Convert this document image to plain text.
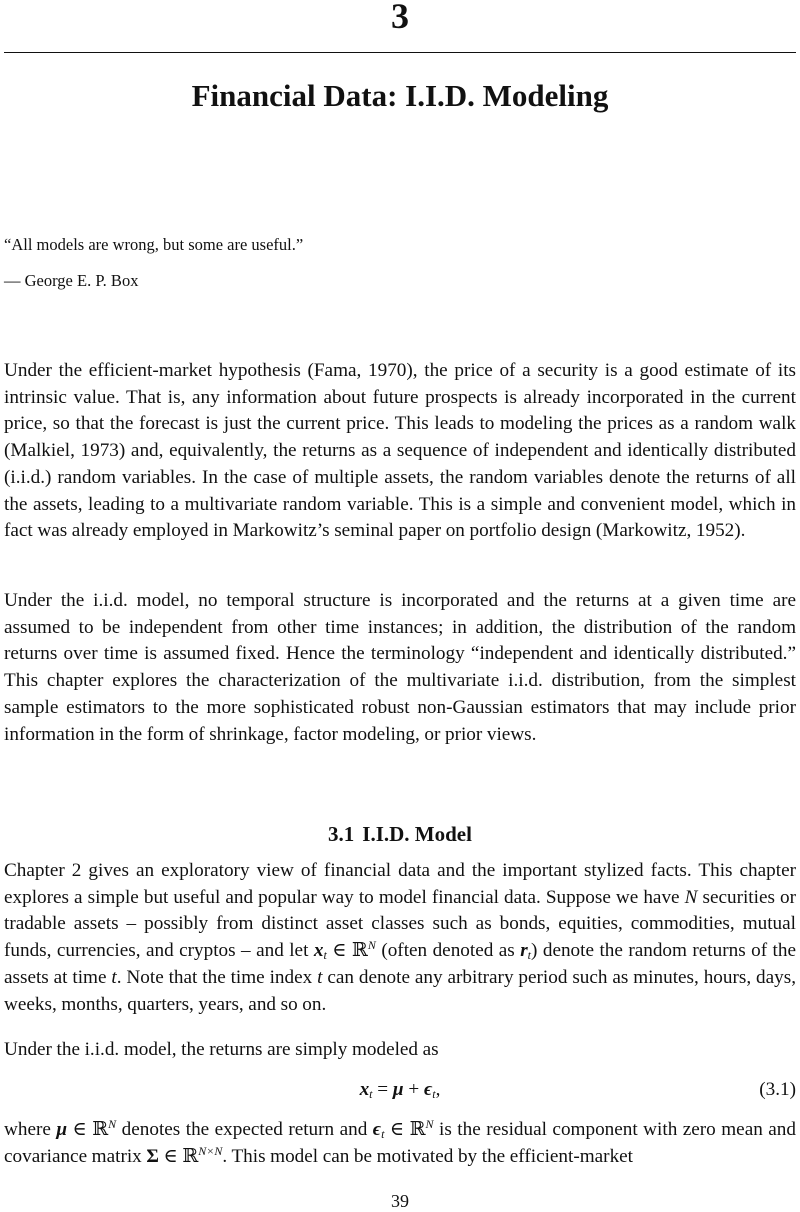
3
Financial Data: I.I.D. Modeling
“All models are wrong, but some are useful.”
— George E. P. Box

Under the efficient-market hypothesis (Fama, 1970), the price of a security is a good estimate of its intrinsic value. That is, any information about future prospects is already incorporated in the current price, so that the forecast is just the current price. This leads to modeling the prices as a random walk (Malkiel, 1973) and, equivalently, the returns as a sequence of independent and identically distributed (i.i.d.) random variables. In the case of multiple assets, the random variables denote the returns of all the assets, leading to a multivariate random variable. This is a simple and convenient model, which in fact was already employed in Markowitz’s seminal paper on portfolio design (Markowitz, 1952).

Under the i.i.d. model, no temporal structure is incorporated and the returns at a given time are assumed to be independent from other time instances; in addition, the distribution of the random returns over time is assumed fixed. Hence the terminology “independent and identically distributed.” This chapter explores the characterization of the multivariate i.i.d. distribution, from the simplest sample estimators to the more sophisticated robust non-Gaussian estimators that may include prior information in the form of shrinkage, factor modeling, or prior views.

3.1 I.I.D. Model

Chapter 2 gives an exploratory view of financial data and the important stylized facts. This chapter explores a simple but useful and popular way to model financial data. Suppose we have N securities or tradable assets – possibly from distinct asset classes such as bonds, equities, commodities, mutual funds, currencies, and cryptos – and let $x_t$ ∈ ℝ$^N$ (often denoted as $r_t$) denote the random returns of the assets at time t. Note that the time index t can denote any arbitrary period such as minutes, hours, days, weeks, months, quarters, years, and so on.

Under the i.i.d. model, the returns are simply modeled as

$x_t = \mu + \epsilon_t$,	(3.1)

where μ ∈ ℝ$^N$ denotes the expected return and $\epsilon_t$ ∈ ℝ$^N$ is the residual component with zero mean and covariance matrix Σ ∈ ℝ$^{N\times N}$. This model can be motivated by the efficient-market

39
